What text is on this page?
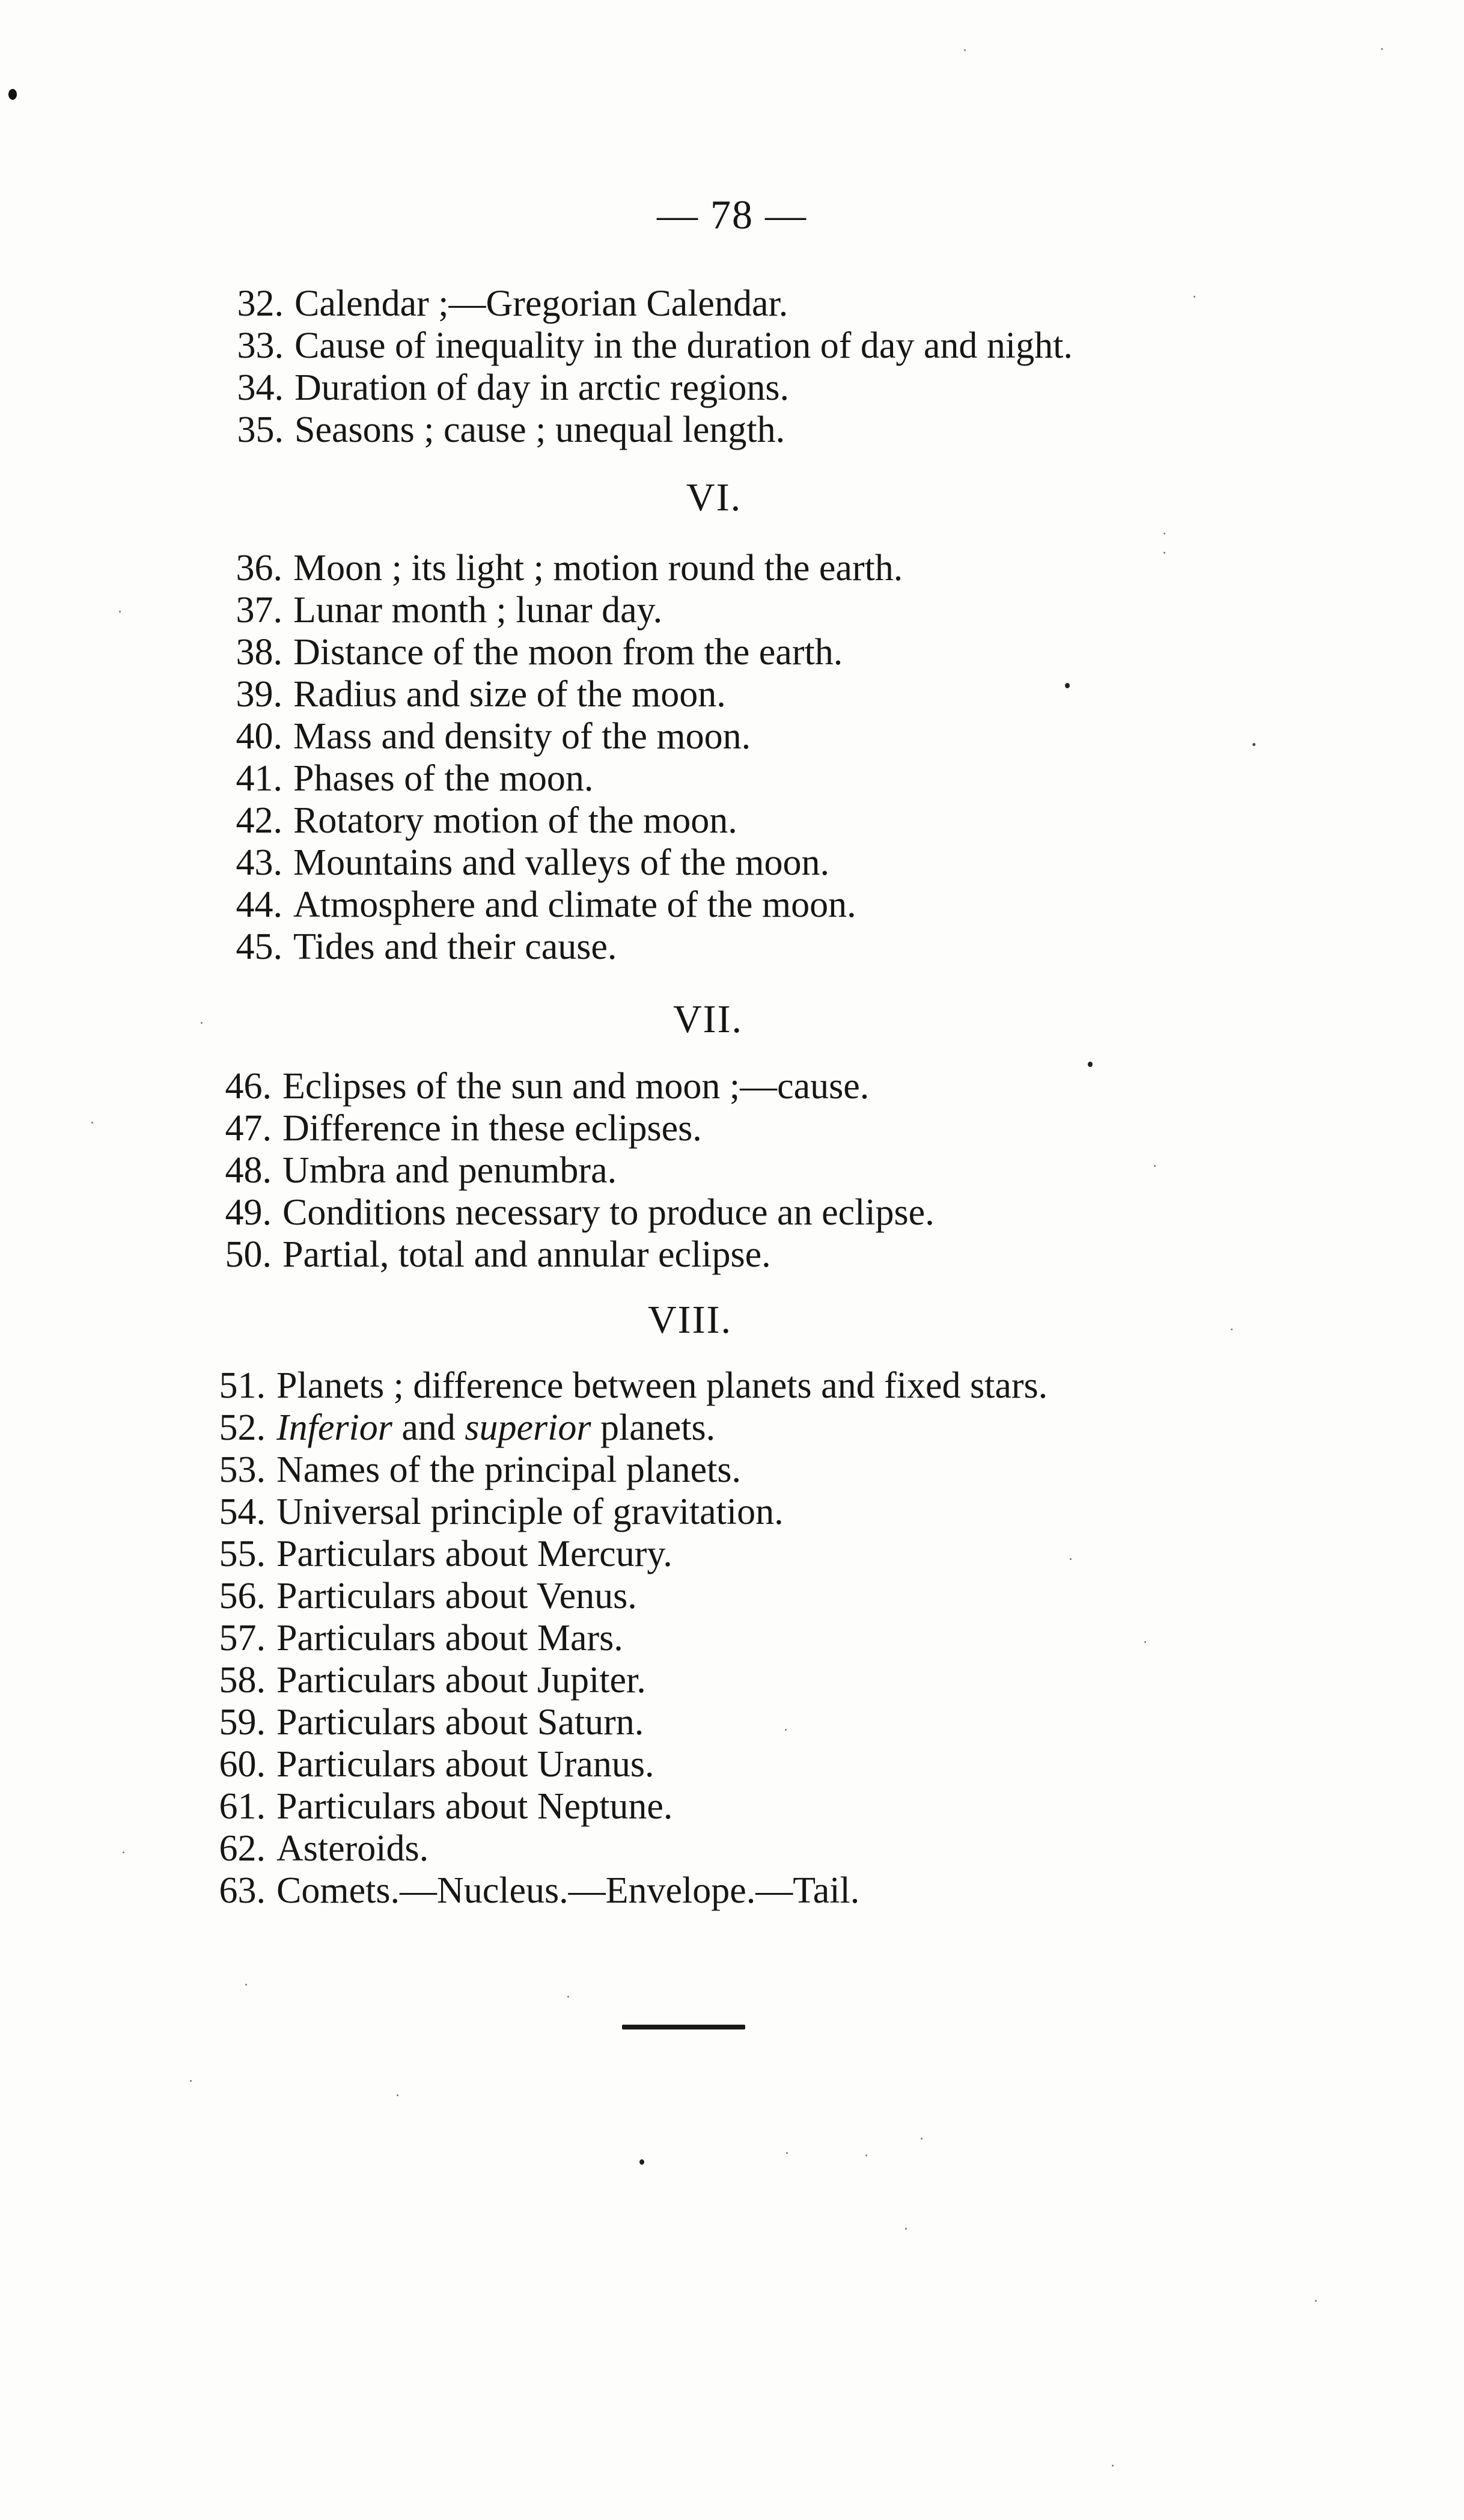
— 78 —
32. Calendar ;—Gregorian Calendar.
33. Cause of inequality in the duration of day and night.
34. Duration of day in arctic regions.
35. Seasons ; cause ; unequal length.
VI.
36. Moon ; its light ; motion round the earth.
37. Lunar month ; lunar day.
38. Distance of the moon from the earth.
39. Radius and size of the moon.
40. Mass and density of the moon.
41. Phases of the moon.
42. Rotatory motion of the moon.
43. Mountains and valleys of the moon.
44. Atmosphere and climate of the moon.
45. Tides and their cause.
VII.
46. Eclipses of the sun and moon ;—cause.
47. Difference in these eclipses.
48. Umbra and penumbra.
49. Conditions necessary to produce an eclipse.
50. Partial, total and annular eclipse.
VIII.
51. Planets ; difference between planets and fixed stars.
52. Inferior and superior planets.
53. Names of the principal planets.
54. Universal principle of gravitation.
55. Particulars about Mercury.
56. Particulars about Venus.
57. Particulars about Mars.
58. Particulars about Jupiter.
59. Particulars about Saturn.
60. Particulars about Uranus.
61. Particulars about Neptune.
62. Asteroids.
63. Comets.—Nucleus.—Envelope.—Tail.
